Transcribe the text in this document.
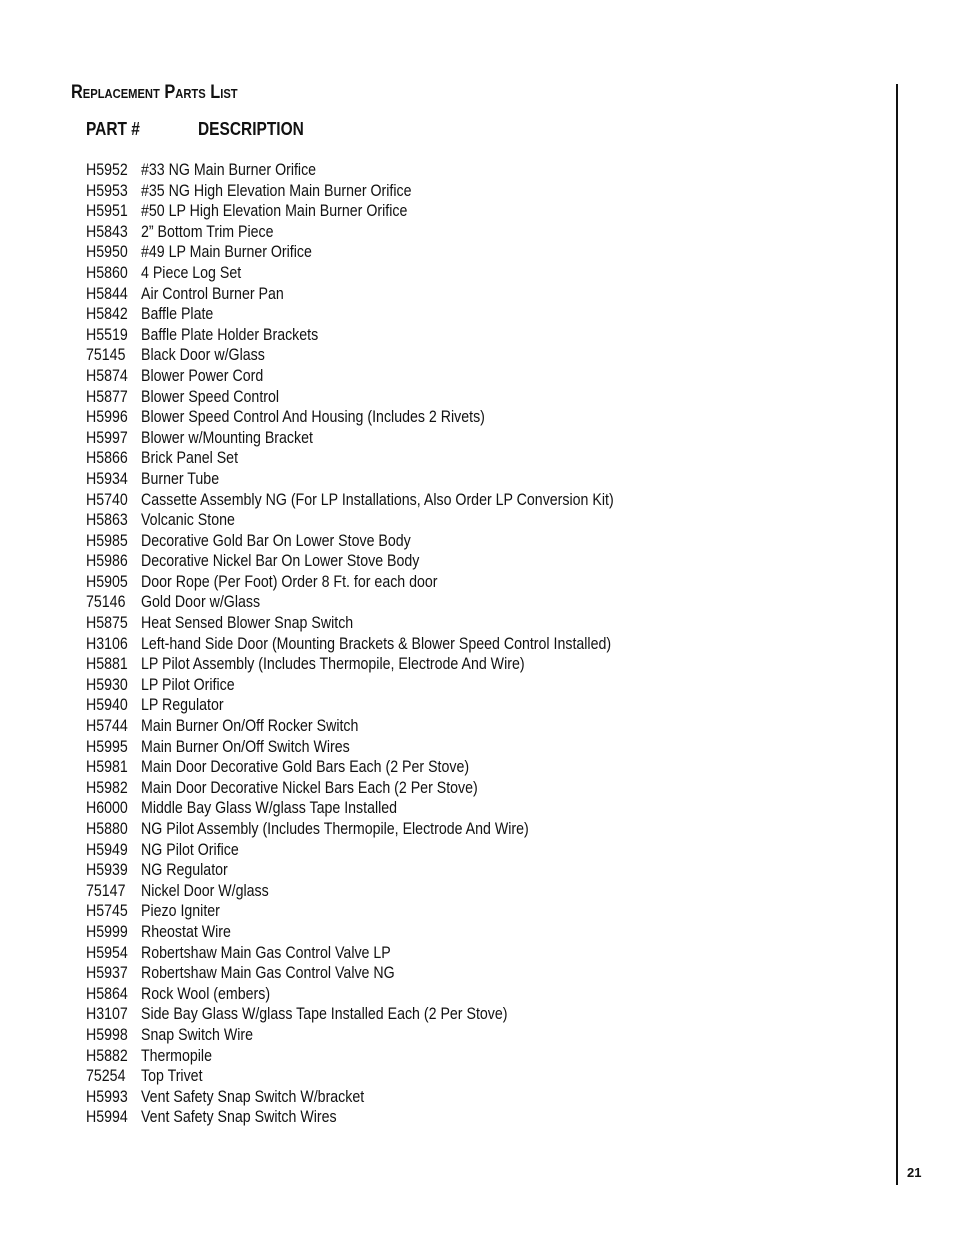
Replacement Parts List
PART #	DESCRIPTION
H5952 #33 NG Main Burner Orifice
H5953 #35 NG High Elevation Main Burner Orifice
H5951 #50 LP High Elevation Main Burner Orifice
H5843 2” Bottom Trim Piece
H5950 #49 LP Main Burner Orifice
H5860 4 Piece Log Set
H5844 Air Control Burner Pan
H5842 Baffle Plate
H5519 Baffle Plate Holder Brackets
75145 Black Door w/Glass
H5874 Blower Power Cord
H5877 Blower Speed Control
H5996 Blower Speed Control And Housing (Includes 2 Rivets)
H5997 Blower w/Mounting Bracket
H5866 Brick Panel Set
H5934 Burner Tube
H5740 Cassette Assembly NG (For LP Installations, Also Order LP Conversion Kit)
H5863 Volcanic Stone
H5985 Decorative Gold Bar On Lower Stove Body
H5986 Decorative Nickel Bar On Lower Stove Body
H5905 Door Rope (Per Foot) Order 8 Ft. for each door
75146 Gold Door w/Glass
H5875 Heat Sensed Blower Snap Switch
H3106 Left-hand Side Door (Mounting Brackets & Blower Speed Control Installed)
H5881 LP Pilot Assembly (Includes Thermopile, Electrode And Wire)
H5930 LP Pilot Orifice
H5940 LP Regulator
H5744 Main Burner On/Off Rocker Switch
H5995 Main Burner On/Off Switch Wires
H5981 Main Door Decorative Gold Bars Each (2 Per Stove)
H5982 Main Door Decorative Nickel Bars Each (2 Per Stove)
H6000 Middle Bay Glass W/glass Tape Installed
H5880 NG Pilot Assembly (Includes Thermopile, Electrode And Wire)
H5949 NG Pilot Orifice
H5939 NG Regulator
75147 Nickel Door W/glass
H5745 Piezo Igniter
H5999 Rheostat Wire
H5954 Robertshaw Main Gas Control Valve LP
H5937 Robertshaw Main Gas Control Valve NG
H5864 Rock Wool (embers)
H3107 Side Bay Glass W/glass Tape Installed Each (2 Per Stove)
H5998 Snap Switch Wire
H5882 Thermopile
75254 Top Trivet
H5993 Vent Safety Snap Switch W/bracket
H5994 Vent Safety Snap Switch Wires
21
